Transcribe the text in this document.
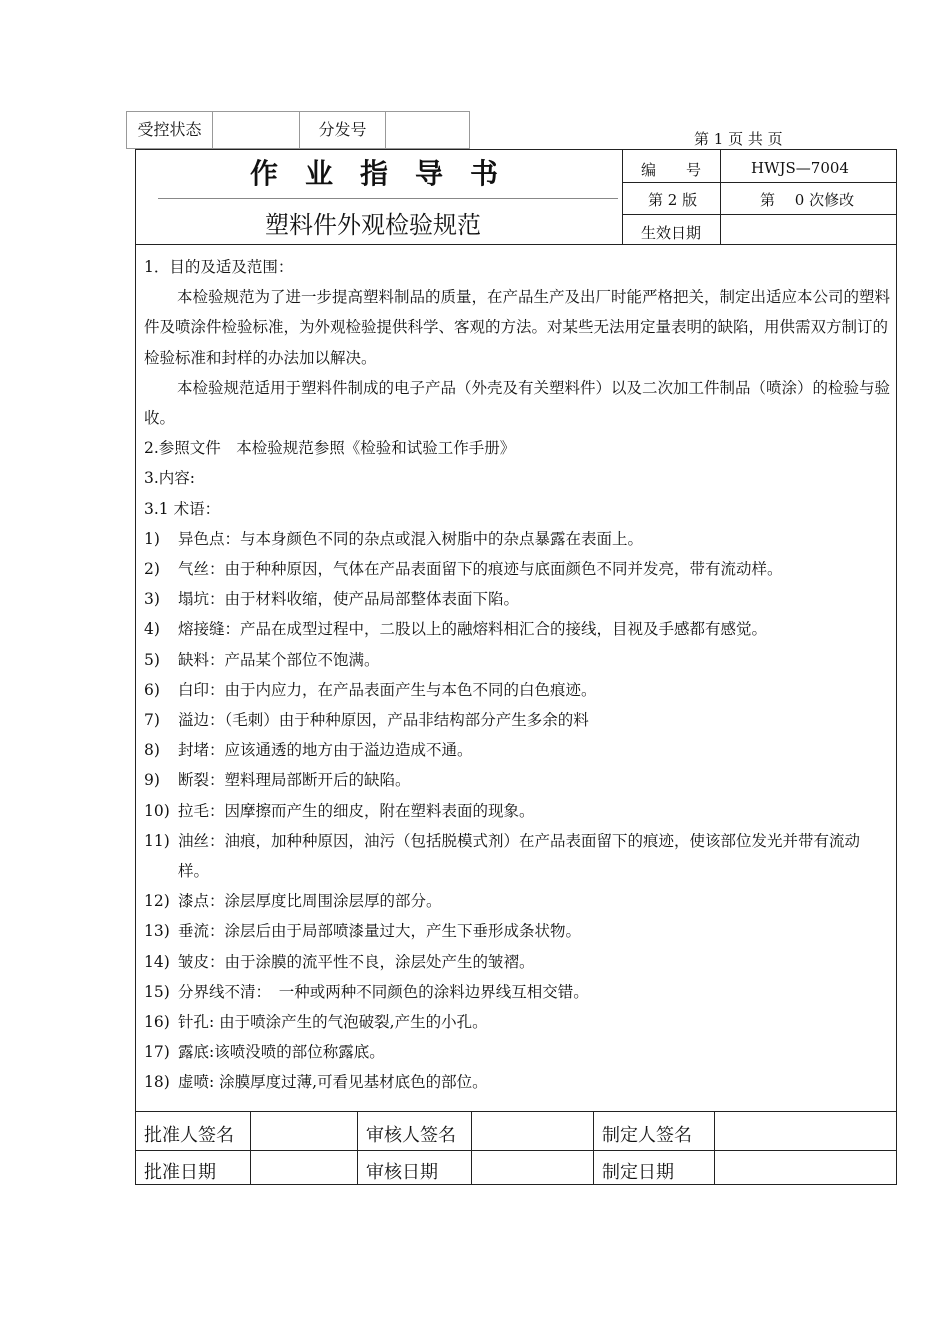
受控状态	分发号	第 1 页 共 页
作业指导书
塑料件外观检验规范
编　　号	HWJS—7004
第 2 版	第　 0 次修改
生效日期

1．目的及适及范围：

本检验规范为了进一步提高塑料制品的质量，在产品生产及出厂时能严格把关，制定出适应本公司的塑料件及喷涂件检验标准，为外观检验提供科学、客观的方法。对某些无法用定量表明的缺陷，用供需双方制订的检验标准和封样的办法加以解决。

本检验规范适用于塑料件制成的电子产品（外壳及有关塑料件）以及二次加工件制品（喷涂）的检验与验收。

2.参照文件　本检验规范参照《检验和试验工作手册》

3.内容:

3.1 术语：

1)	异色点：与本身颜色不同的杂点或混入树脂中的杂点暴露在表面上。
2)	气丝：由于种种原因，气体在产品表面留下的痕迹与底面颜色不同并发亮，带有流动样。
3)	塌坑：由于材料收缩，使产品局部整体表面下陷。
4)	熔接缝：产品在成型过程中，二股以上的融熔料相汇合的接线，目视及手感都有感觉。
5)	缺料：产品某个部位不饱满。
6)	白印：由于内应力，在产品表面产生与本色不同的白色痕迹。
7)	溢边：（毛刺）由于种种原因，产品非结构部分产生多余的料
8)	封堵：应该通透的地方由于溢边造成不通。
9)	断裂：塑料理局部断开后的缺陷。
10) 拉毛：因摩擦而产生的细皮，附在塑料表面的现象。
11) 油丝：油痕，加种种原因，油污（包括脱模式剂）在产品表面留下的痕迹，使该部位发光并带有流动样。
12) 漆点：涂层厚度比周围涂层厚的部分。
13) 垂流：涂层后由于局部喷漆量过大，产生下垂形成条状物。
14) 皱皮：由于涂膜的流平性不良，涂层处产生的皱褶。
15) 分界线不清：　一种或两种不同颜色的涂料边界线互相交错。
16) 针孔: 由于喷涂产生的气泡破裂,产生的小孔。
17) 露底:该喷没喷的部位称露底。
18) 虚喷: 涂膜厚度过薄,可看见基材底色的部位。
批准人签名	审核人签名	制定人签名
批准日期	审核日期	制定日期
